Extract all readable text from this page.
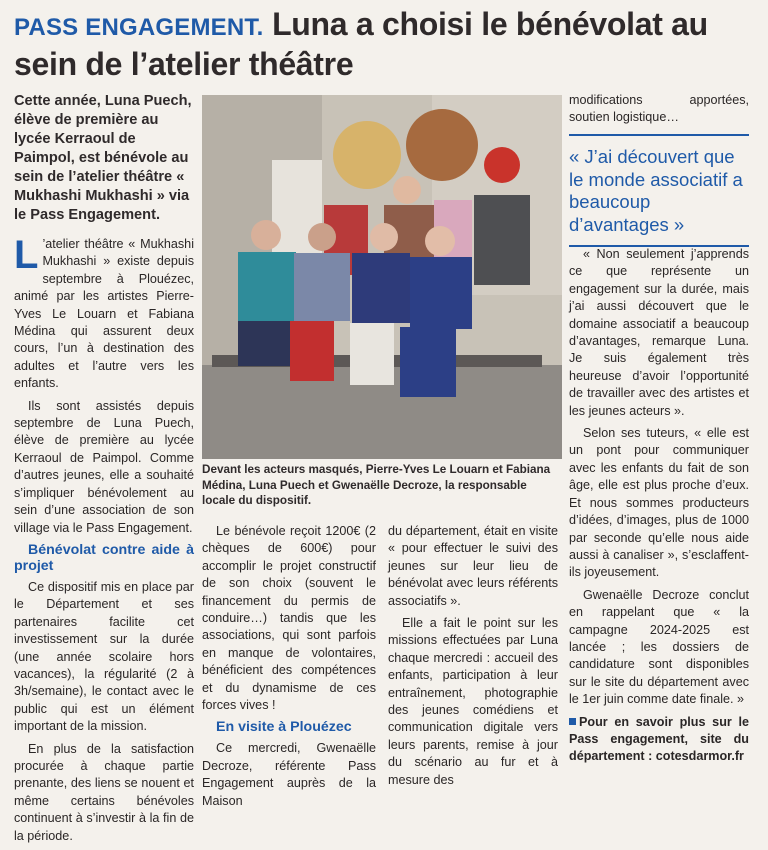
PASS ENGAGEMENT. Luna a choisi le bénévolat au sein de l’atelier théâtre
Cette année, Luna Puech, élève de première au lycée Kerraoul de Paimpol, est bénévole au sein de l’atelier théâtre « Mukhashi Mukhashi » via le Pass Engagement.

L ’atelier théâtre « Mukhashi Mukhashi » existe depuis septembre à Plouézec, animé par les artistes Pierre-Yves Le Louarn et Fabiana Médina qui assurent deux cours, l’un à destination des adultes et l’autre vers les enfants.

Ils sont assistés depuis septembre de Luna Puech, élève de première au lycée Kerraoul de Paimpol. Comme d’autres jeunes, elle a souhaité s’impliquer bénévolement au sein d’une association de son village via le Pass Engagement.

Bénévolat contre aide à projet

Ce dispositif mis en place par le Département et ses partenaires facilite cet investissement sur la durée (une année scolaire hors vacances), la régularité (2 à 3h/semaine), le contact avec le public qui est un élément important de la mission.

En plus de la satisfaction procurée à chaque partie prenante, des liens se nouent et même certains bénévoles continuent à s’investir à la fin de la période.

Devant les acteurs masqués, Pierre-Yves Le Louarn et Fabiana Médina, Luna Puech et Gwenaëlle Decroze, la responsable locale du dispositif.

Le bénévole reçoit 1200€ (2 chèques de 600€) pour accomplir le projet constructif de son choix (souvent le financement du permis de conduire…) tandis que les associations, qui sont parfois en manque de volontaires, bénéficient des compétences et du dynamisme de ces forces vives !

En visite à Plouézec

Ce mercredi, Gwenaëlle Decroze, référente Pass Engagement auprès de la Maison

du département, était en visite « pour effectuer le suivi des jeunes sur leur lieu de bénévolat avec leurs référents associatifs ».

Elle a fait le point sur les missions effectuées par Luna chaque mercredi : accueil des enfants, participation à leur entraînement, photographie des jeunes comédiens et communication digitale vers leurs parents, remise à jour du scénario au fur et à mesure des

modifications apportées, soutien logistique…

« J’ai découvert que le monde associatif a beaucoup d’avantages »

« Non seulement j’apprends ce que représente un engagement sur la durée, mais j’ai aussi découvert que le domaine associatif a beaucoup d’avantages, remarque Luna. Je suis également très heureuse d’avoir l’opportunité de travailler avec des artistes et les jeunes acteurs ».

Selon ses tuteurs, « elle est un pont pour communiquer avec les enfants du fait de son âge, elle est plus proche d’eux. Et nous sommes producteurs d’idées, d’images, plus de 1000 par seconde qu’elle nous aide aussi à canaliser », s’esclaffent-ils joyeusement.

Gwenaëlle Decroze conclut en rappelant que « la campagne 2024-2025 est lancée ; les dossiers de candidature sont disponibles sur le site du département avec le 1er juin comme date finale. »

Pour en savoir plus sur le Pass engagement, site du département : cotesdarmor.fr
